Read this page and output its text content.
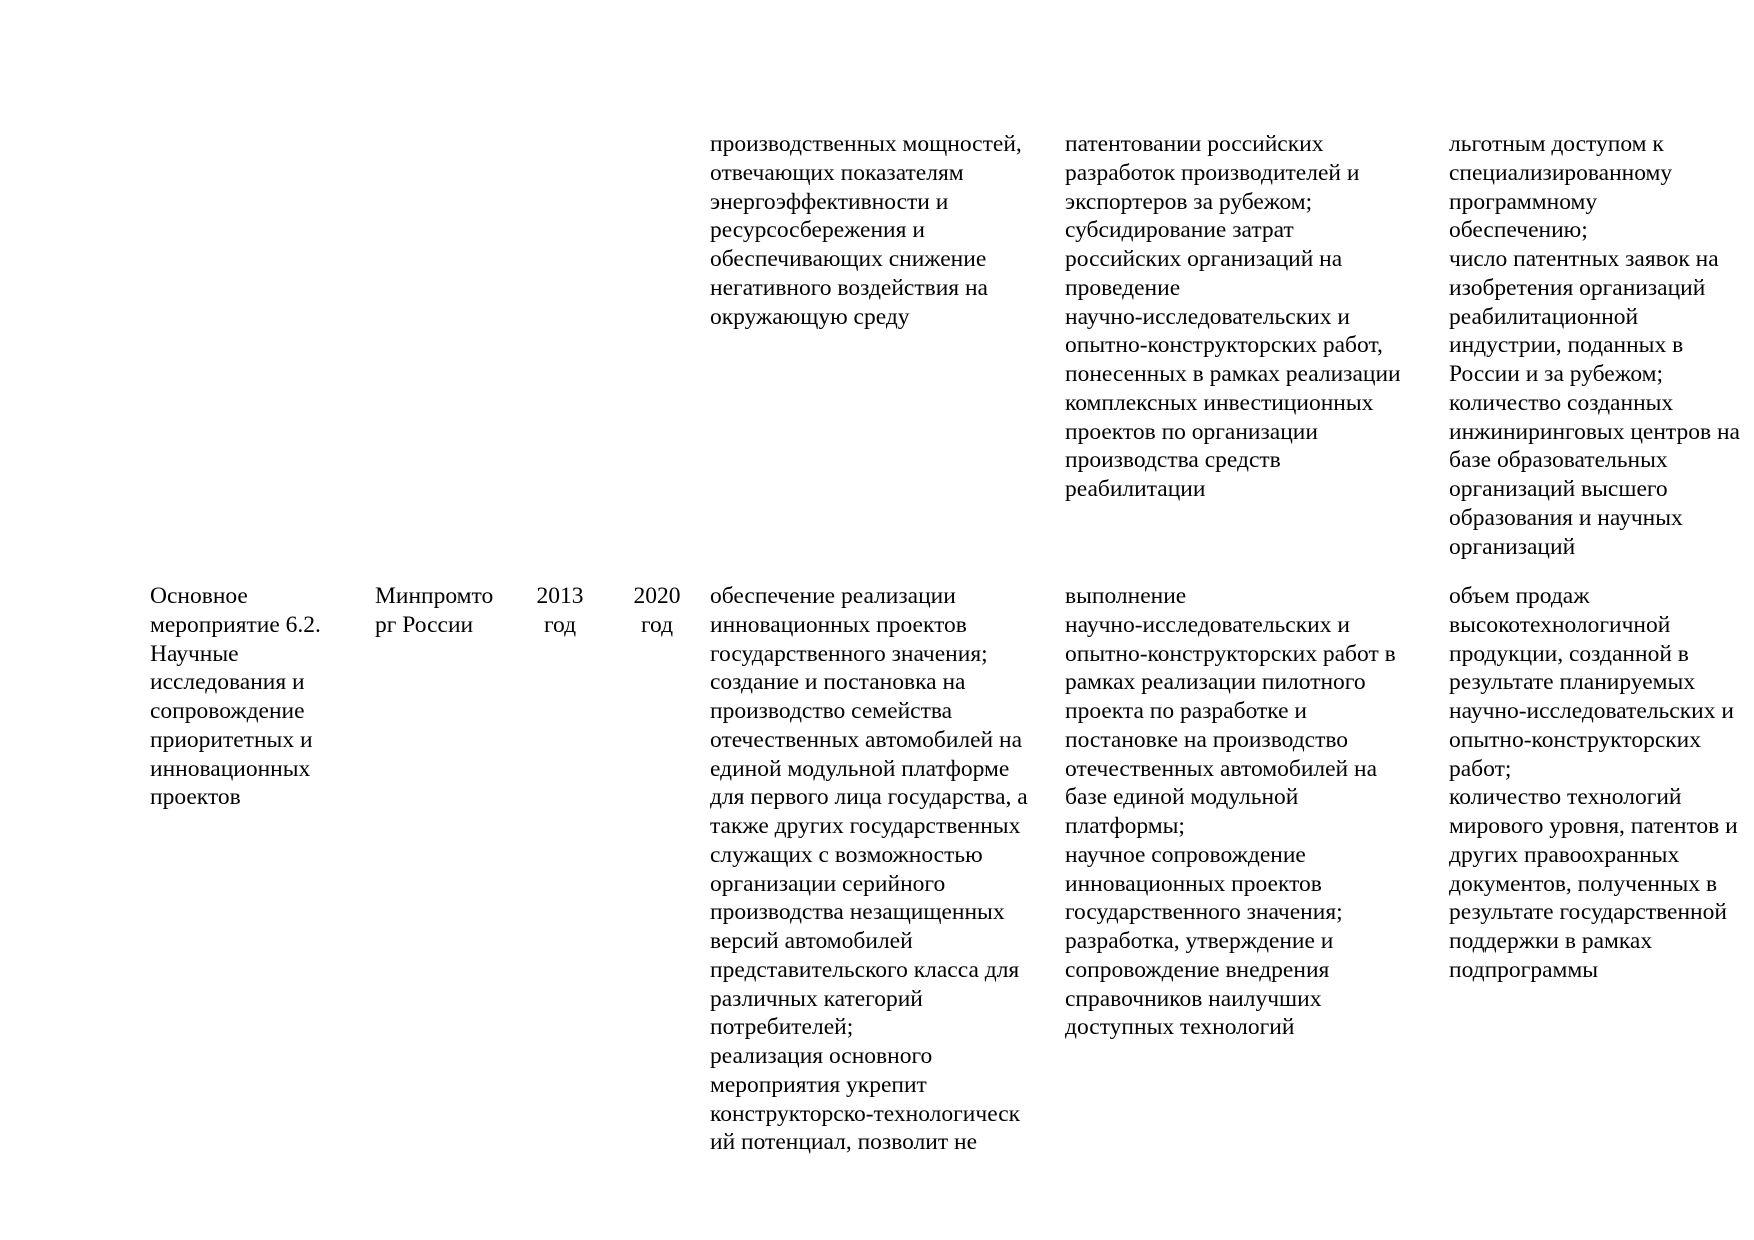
производственных мощностей,
отвечающих показателям
энергоэффективности и
ресурсосбережения и
обеспечивающих снижение
негативного воздействия на
окружающую среду
патентовании российских
разработок производителей и
экспортеров за рубежом;
субсидирование затрат
российских организаций на
проведение
научно-исследовательских и
опытно-конструкторских работ,
понесенных в рамках реализации
комплексных инвестиционных
проектов по организации
производства средств
реабилитации
льготным доступом к
специализированному
программному
обеспечению;
число патентных заявок на
изобретения организаций
реабилитационной
индустрии, поданных в
России и за рубежом;
количество созданных
инжиниринговых центров на
базе образовательных
организаций высшего
образования и научных
организаций
Основное
мероприятие 6.2.
Научные
исследования и
сопровождение
приоритетных и
инновационных
проектов
Минпромто
рг России
2013
год
2020
год
обеспечение реализации
инновационных проектов
государственного значения;
создание и постановка на
производство семейства
отечественных автомобилей на
единой модульной платформе
для первого лица государства, а
также других государственных
служащих с возможностью
организации серийного
производства незащищенных
версий автомобилей
представительского класса для
различных категорий
потребителей;
реализация основного
мероприятия укрепит
конструкторско-технологическ
ий потенциал, позволит не
выполнение
научно-исследовательских и
опытно-конструкторских работ в
рамках реализации пилотного
проекта по разработке и
постановке на производство
отечественных автомобилей на
базе единой модульной
платформы;
научное сопровождение
инновационных проектов
государственного значения;
разработка, утверждение и
сопровождение внедрения
справочников наилучших
доступных технологий
объем продаж
высокотехнологичной
продукции, созданной в
результате планируемых
научно-исследовательских и
опытно-конструкторских
работ;
количество технологий
мирового уровня, патентов и
других правоохранных
документов, полученных в
результате государственной
поддержки в рамках
подпрограммы
